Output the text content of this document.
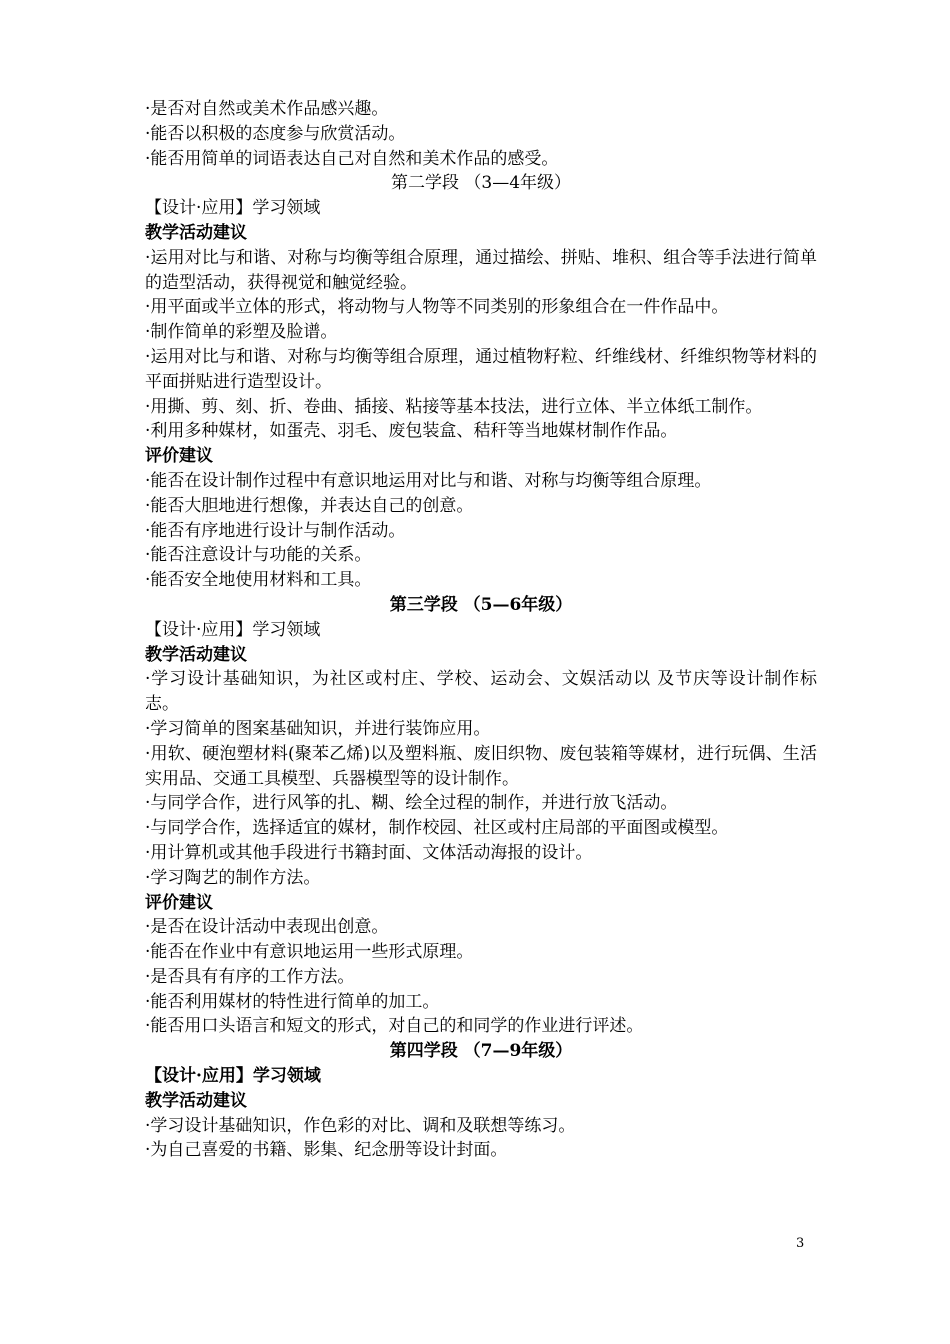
·是否对自然或美术作品感兴趣。
·能否以积极的态度参与欣赏活动。
·能否用简单的词语表达自己对自然和美术作品的感受。
第二学段 （3—4年级）
【设计·应用】学习领域
教学活动建议
·运用对比与和谐、对称与均衡等组合原理，通过描绘、拼贴、堆积、组合等手法进行简单的造型活动，获得视觉和触觉经验。
·用平面或半立体的形式，将动物与人物等不同类别的形象组合在一件作品中。
·制作简单的彩塑及脸谱。
·运用对比与和谐、对称与均衡等组合原理，通过植物籽粒、纤维线材、纤维织物等材料的平面拼贴进行造型设计。
·用撕、剪、刻、折、卷曲、插接、粘接等基本技法，进行立体、半立体纸工制作。
·利用多种媒材，如蛋壳、羽毛、废包装盒、秸秆等当地媒材制作作品。
评价建议
·能否在设计制作过程中有意识地运用对比与和谐、对称与均衡等组合原理。
·能否大胆地进行想像，并表达自己的创意。
·能否有序地进行设计与制作活动。
·能否注意设计与功能的关系。
·能否安全地使用材料和工具。
第三学段 （5—6年级）
【设计·应用】学习领域
教学活动建议
·学习设计基础知识，为社区或村庄、学校、运动会、文娱活动以 及节庆等设计制作标志。
·学习简单的图案基础知识，并进行装饰应用。
·用软、硬泡塑材料(聚苯乙烯)以及塑料瓶、废旧织物、废包装箱等媒材，进行玩偶、生活实用品、交通工具模型、兵器模型等的设计制作。
·与同学合作，进行风筝的扎、糊、绘全过程的制作，并进行放飞活动。
·与同学合作，选择适宜的媒材，制作校园、社区或村庄局部的平面图或模型。
·用计算机或其他手段进行书籍封面、文体活动海报的设计。
·学习陶艺的制作方法。
评价建议
·是否在设计活动中表现出创意。
·能否在作业中有意识地运用一些形式原理。
·是否具有有序的工作方法。
·能否利用媒材的特性进行简单的加工。
·能否用口头语言和短文的形式，对自己的和同学的作业进行评述。
第四学段 （7—9年级）
【设计·应用】学习领域
教学活动建议
·学习设计基础知识，作色彩的对比、调和及联想等练习。
·为自己喜爱的书籍、影集、纪念册等设计封面。
3
